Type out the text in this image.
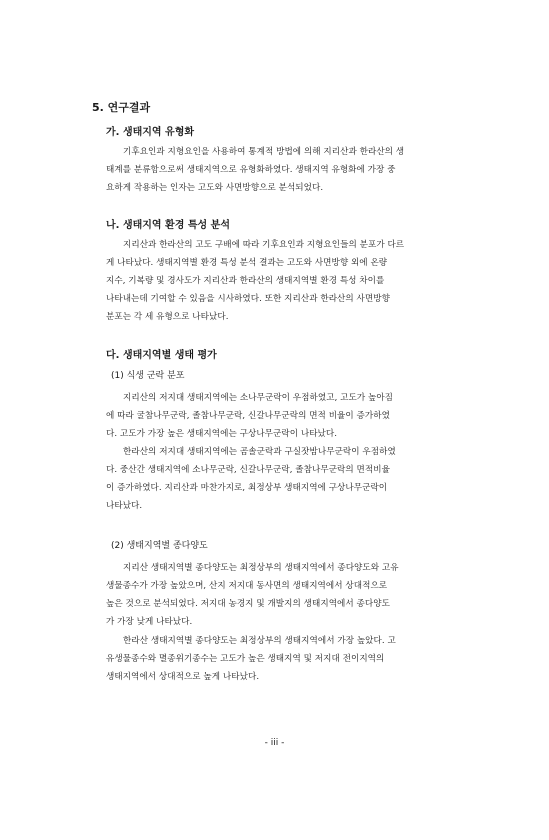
5. 연구결과
가. 생태지역 유형화
기후요인과 지형요인을 사용하여 통계적 방법에 의해 지리산과 한라산의 생
태계를 분류함으로써 생태지역으로 유형화하였다. 생태지역 유형화에 가장 중
요하게 작용하는 인자는 고도와 사면방향으로 분석되었다.
나. 생태지역 환경 특성 분석
지리산과 한라산의 고도 구배에 따라 기후요인과 지형요인들의 분포가 다르
게 나타났다. 생태지역별 환경 특성 분석 결과는 고도와 사면방향 외에 온량
지수, 기복량 및 경사도가 지리산과 한라산의 생태지역별 환경 특성 차이를
나타내는데 기여할 수 있음을 시사하였다. 또한 지리산과 한라산의 사면방향
분포는 각 세 유형으로 나타났다.
다. 생태지역별 생태 평가
(1) 식생 군락 분포
지리산의 저지대 생태지역에는 소나무군락이 우점하였고, 고도가 높아짐
에 따라 굴참나무군락, 졸참나무군락, 신갈나무군락의 면적 비율이 증가하였
다. 고도가 가장 높은 생태지역에는 구상나무군락이 나타났다.
한라산의 저지대 생태지역에는 곰솔군락과 구실잣밤나무군락이 우점하였
다. 중산간 생태지역에 소나무군락, 신갈나무군락, 졸참나무군락의 면적비율
이 증가하였다. 지리산과 마찬가지로, 최정상부 생태지역에 구상나무군락이
나타났다.
(2) 생태지역별 종다양도
지리산 생태지역별 종다양도는 최정상부의 생태지역에서 종다양도와 고유
생물종수가 가장 높았으며, 산지 저지대 동사면의 생태지역에서 상대적으로
높은 것으로 분석되었다. 저지대 농경지 및 개발지의 생태지역에서 종다양도
가 가장 낮게 나타났다.
한라산 생태지역별 종다양도는 최정상부의 생태지역에서 가장 높았다. 고
유생물종수와 멸종위기종수는 고도가 높은 생태지역 및 저지대 전이지역의
생태지역에서 상대적으로 높게 나타났다.
- iii -
